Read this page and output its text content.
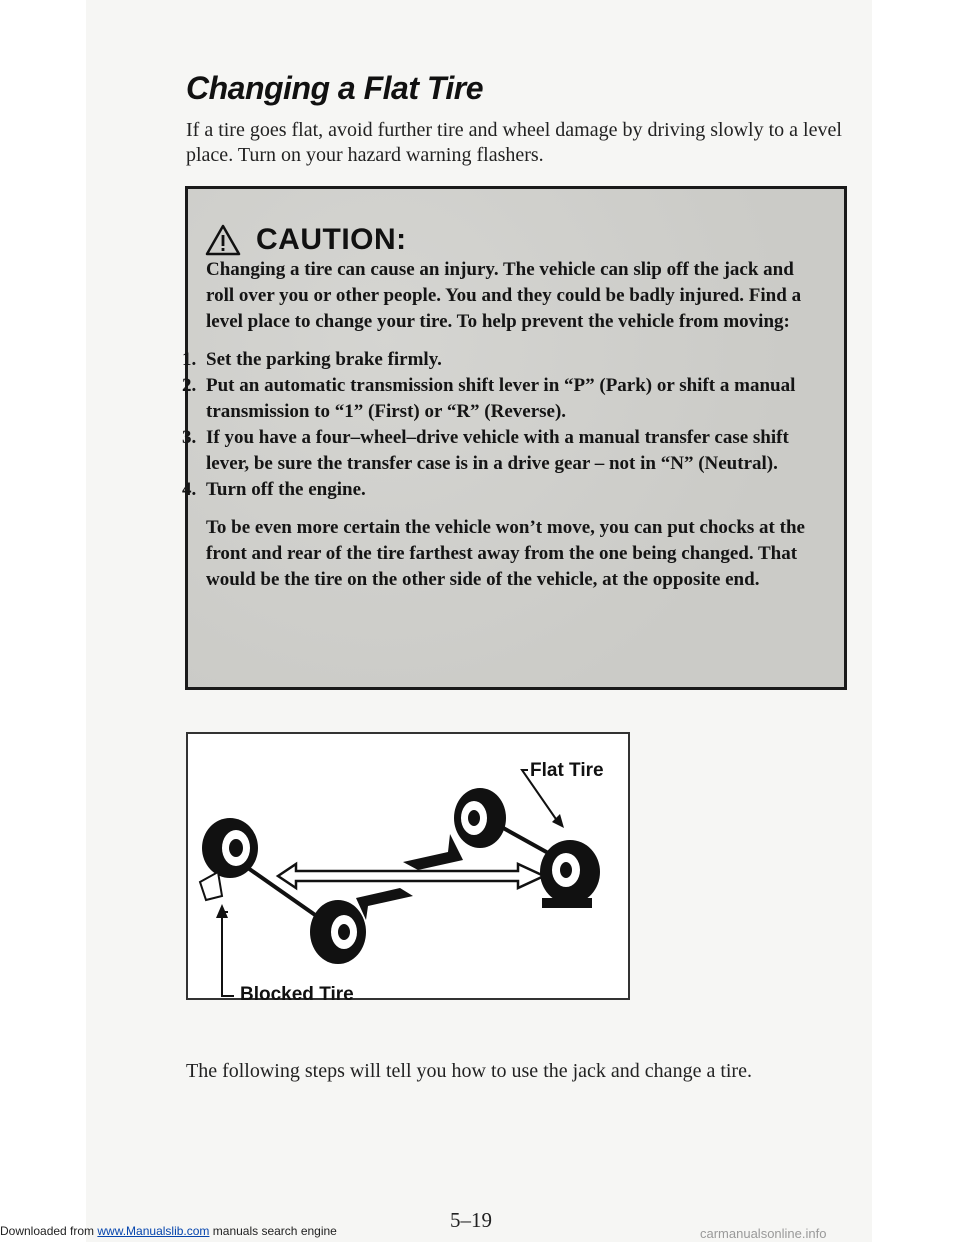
Changing a Flat Tire

If a tire goes flat, avoid further tire and wheel damage by driving slowly to a level place. Turn on your hazard warning flashers.

CAUTION:

Changing a tire can cause an injury. The vehicle can slip off the jack and roll over you or other people. You and they could be badly injured. Find a level place to change your tire. To help prevent the vehicle from moving:

1. Set the parking brake firmly.
2. Put an automatic transmission shift lever in “P” (Park) or shift a manual transmission to “1” (First) or “R” (Reverse).
3. If you have a four–wheel–drive vehicle with a manual transfer case shift lever, be sure the transfer case is in a drive gear – not in “N” (Neutral).
4. Turn off the engine.

To be even more certain the vehicle won’t move, you can put chocks at the front and rear of the tire farthest away from the one being changed. That would be the tire on the other side of the vehicle, at the opposite end.

Flat Tire
Blocked Tire

The following steps will tell you how to use the jack and change a tire.

5–19
Downloaded from www.Manualslib.com manuals search engine	carmanualsonline.info
